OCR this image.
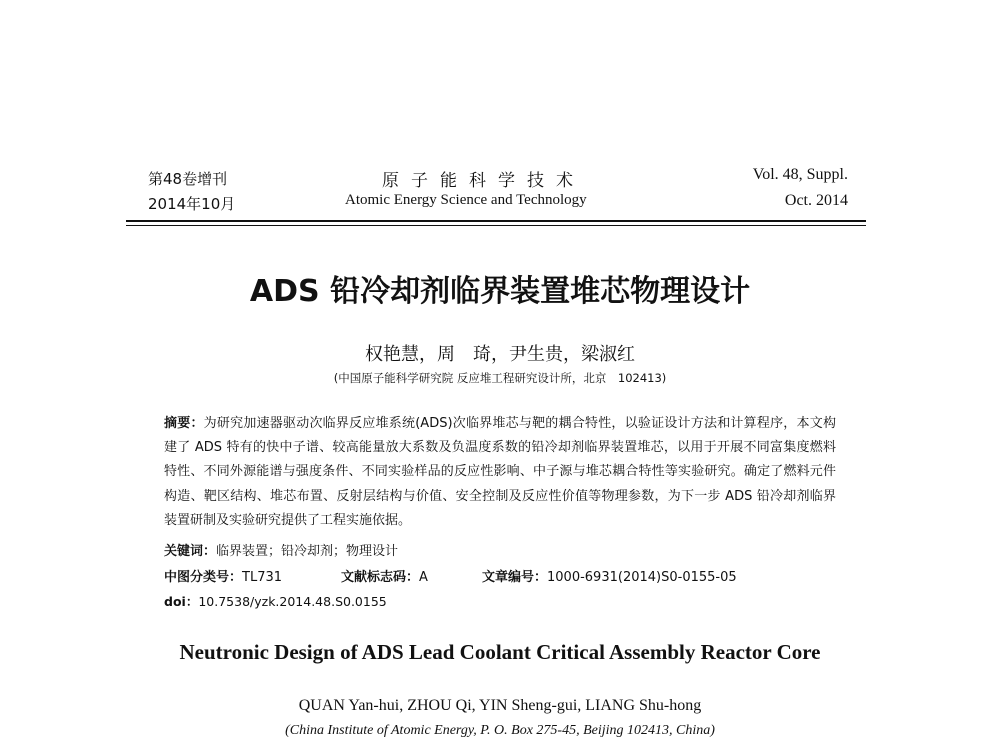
第48卷增刊
2014年10月
原子能科学技术
Atomic Energy Science and Technology
Vol. 48, Suppl.
Oct. 2014
ADS 铅冷却剂临界装置堆芯物理设计
权艳慧，周　琦，尹生贵，梁淑红
(中国原子能科学研究院 反应堆工程研究设计所，北京　102413)
摘要：为研究加速器驱动次临界反应堆系统(ADS)次临界堆芯与靶的耦合特性，以验证设计方法和计算程序，本文构建了 ADS 特有的快中子谱、较高能量放大系数及负温度系数的铅冷却剂临界装置堆芯，以用于开展不同富集度燃料特性、不同外源能谱与强度条件、不同实验样品的反应性影响、中子源与堆芯耦合特性等实验研究。确定了燃料元件构造、靶区结构、堆芯布置、反射层结构与价值、安全控制及反应性价值等物理参数，为下一步 ADS 铅冷却剂临界装置研制及实验研究提供了工程实施依据。
关键词：临界装置；铅冷却剂；物理设计
中图分类号：TL731	文献标志码：A	文章编号：1000-6931(2014)S0-0155-05
doi：10.7538/yzk.2014.48.S0.0155
Neutronic Design of ADS Lead Coolant Critical Assembly Reactor Core
QUAN Yan-hui, ZHOU Qi, YIN Sheng-gui, LIANG Shu-hong
(China Institute of Atomic Energy, P. O. Box 275-45, Beijing 102413, China)
